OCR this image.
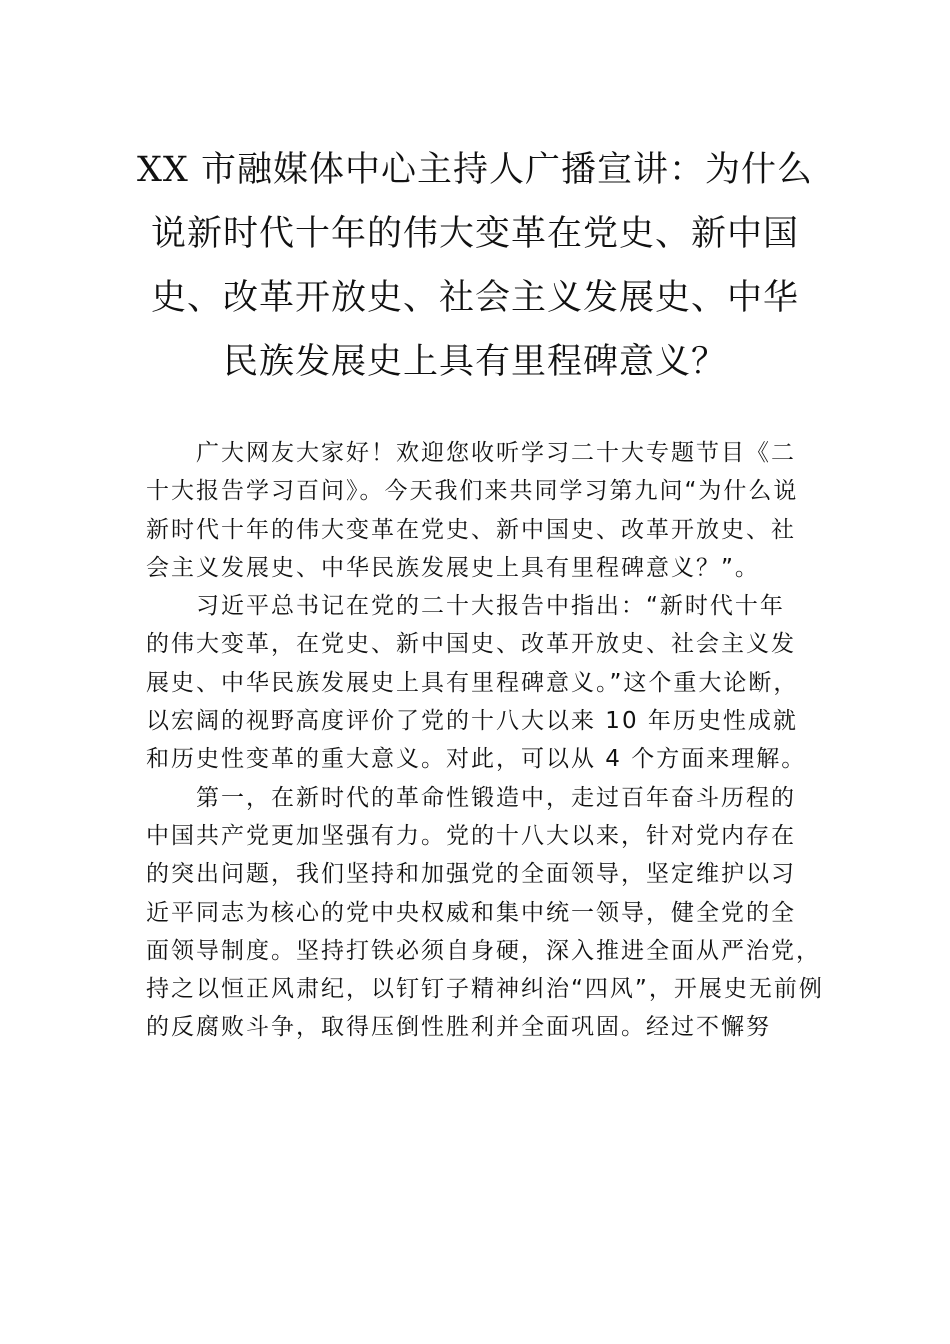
XX 市融媒体中心主持人广播宣讲：为什么
说新时代十年的伟大变革在党史、新中国
史、改革开放史、社会主义发展史、中华
民族发展史上具有里程碑意义？
广大网友大家好！欢迎您收听学习二十大专题节目《二
十大报告学习百问》。今天我们来共同学习第九问“为什么说
新时代十年的伟大变革在党史、新中国史、改革开放史、社
会主义发展史、中华民族发展史上具有里程碑意义？”。
习近平总书记在党的二十大报告中指出：“新时代十年
的伟大变革，在党史、新中国史、改革开放史、社会主义发
展史、中华民族发展史上具有里程碑意义。”这个重大论断，
以宏阔的视野高度评价了党的十八大以来 10 年历史性成就
和历史性变革的重大意义。对此，可以从 4 个方面来理解。
第一，在新时代的革命性锻造中，走过百年奋斗历程的
中国共产党更加坚强有力。党的十八大以来，针对党内存在
的突出问题，我们坚持和加强党的全面领导，坚定维护以习
近平同志为核心的党中央权威和集中统一领导，健全党的全
面领导制度。坚持打铁必须自身硬，深入推进全面从严治党，
持之以恒正风肃纪，以钉钉子精神纠治“四风”，开展史无前例
的反腐败斗争，取得压倒性胜利并全面巩固。经过不懈努
